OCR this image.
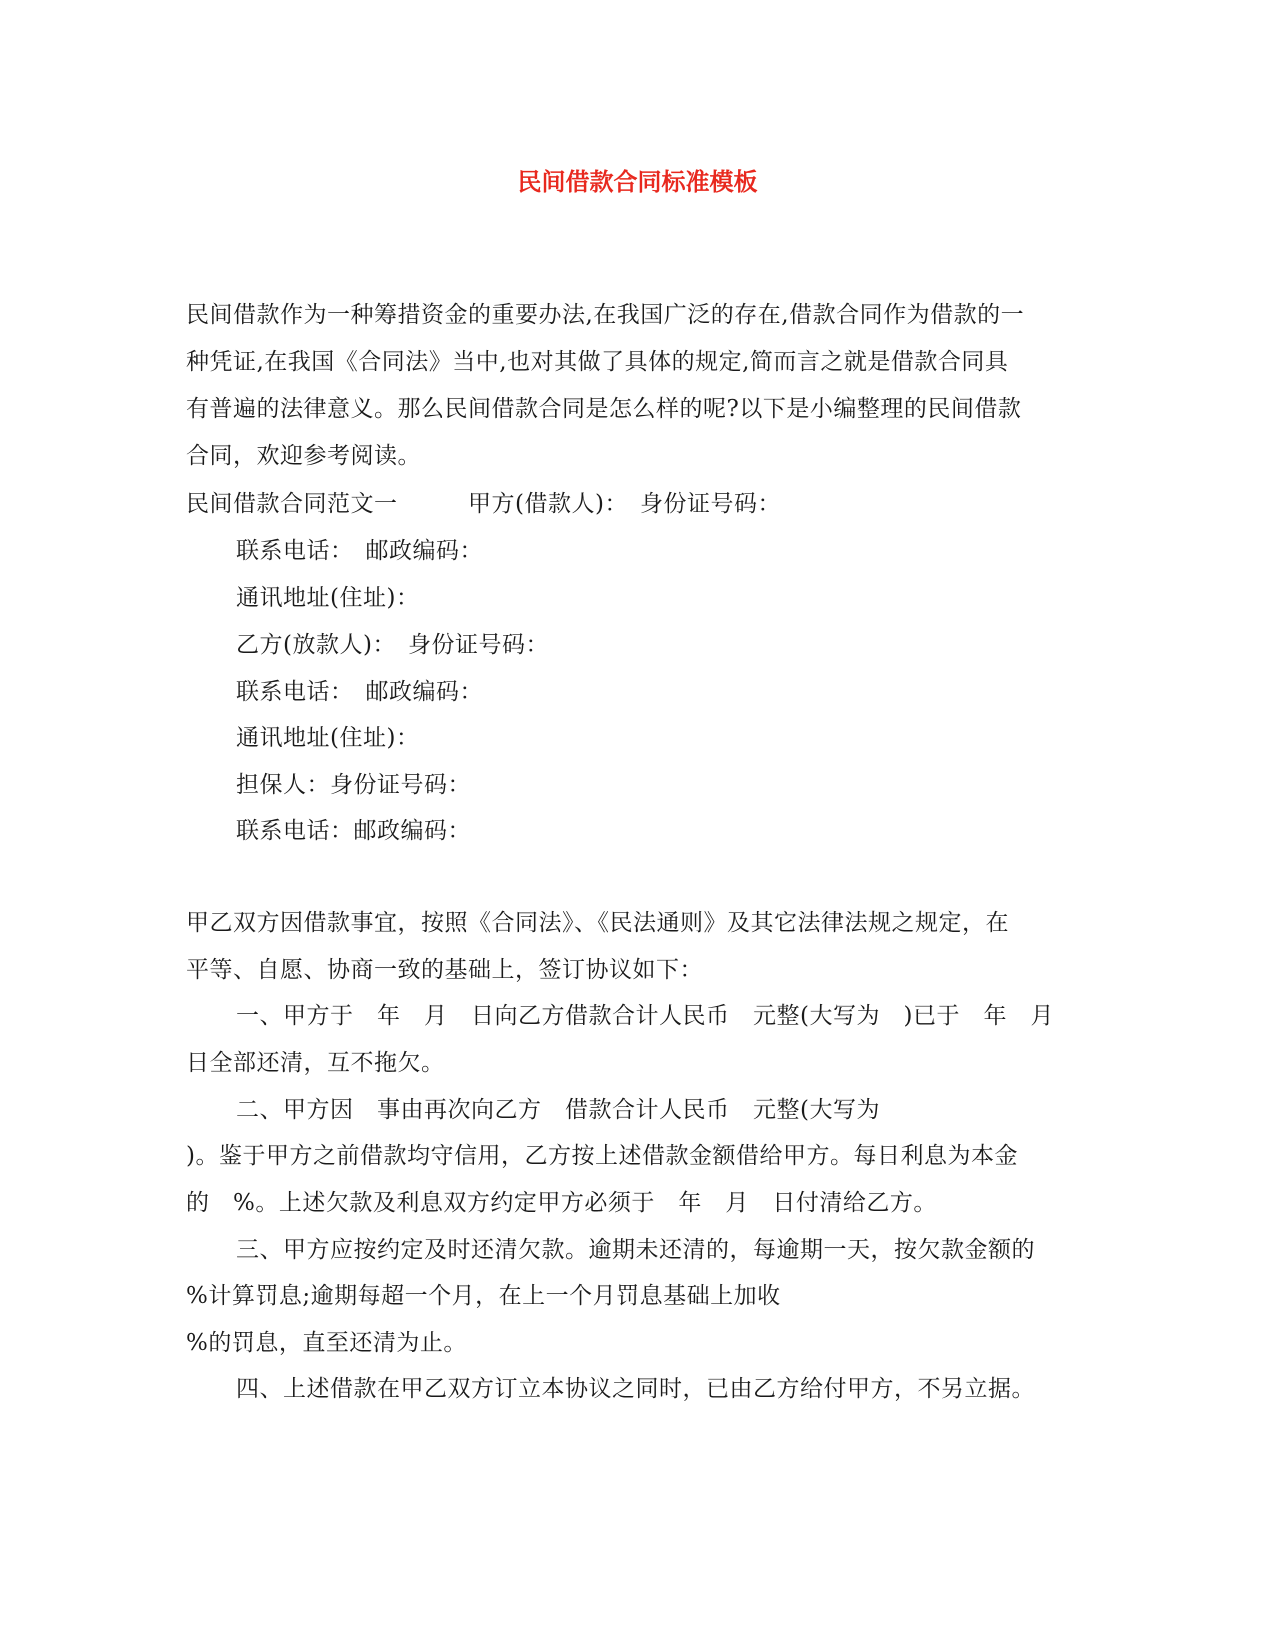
民间借款合同标准模板
民间借款作为一种筹措资金的重要办法,在我国广泛的存在,借款合同作为借款的一
种凭证,在我国《合同法》当中,也对其做了具体的规定,简而言之就是借款合同具
有普遍的法律意义。那么民间借款合同是怎么样的呢?以下是小编整理的民间借款
合同，欢迎参考阅读。
民间借款合同范文一　　　甲方(借款人)：　身份证号码：
联系电话：　邮政编码：
通讯地址(住址)：
乙方(放款人)：　身份证号码：
联系电话：　邮政编码：
通讯地址(住址)：
担保人：身份证号码：
联系电话：邮政编码：
甲乙双方因借款事宜，按照《合同法》、《民法通则》及其它法律法规之规定，在
平等、自愿、协商一致的基础上，签订协议如下：
一、甲方于　年　月　日向乙方借款合计人民币　元整(大写为　)已于　年　月
日全部还清，互不拖欠。
二、甲方因　事由再次向乙方　借款合计人民币　元整(大写为
)。鉴于甲方之前借款均守信用，乙方按上述借款金额借给甲方。每日利息为本金
的　%。上述欠款及利息双方约定甲方必须于　年　月　日付清给乙方。
三、甲方应按约定及时还清欠款。逾期未还清的，每逾期一天，按欠款金额的
%计算罚息;逾期每超一个月，在上一个月罚息基础上加收
%的罚息，直至还清为止。
四、上述借款在甲乙双方订立本协议之同时，已由乙方给付甲方，不另立据。
